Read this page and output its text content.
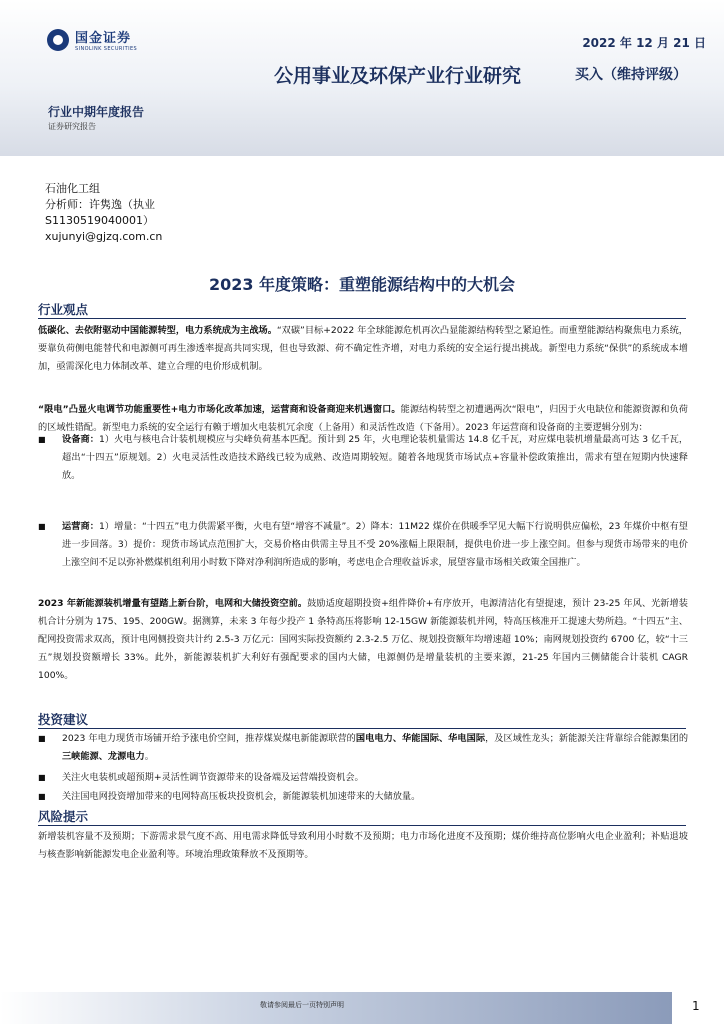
国金证券
SINOLINK SECURITIES	2022 年 12 月 21 日
公用事业及环保产业行业研究	买入（维持评级）
行业中期年度报告
证券研究报告
石油化工组
分析师：许隽逸（执业
S1130519040001）
xujunyi@gjzq.com.cn
2023 年度策略：重塑能源结构中的大机会
行业观点
低碳化、去依附驱动中国能源转型，电力系统成为主战场。“双碳”目标+2022 年全球能源危机再次凸显能源结构转型之紧迫性。而重塑能源结构聚焦电力系统，要靠负荷侧电能替代和电源侧可再生渗透率提高共同实现，但也导致源、荷不确定性齐增，对电力系统的安全运行提出挑战。新型电力系统“保供”的系统成本增加，亟需深化电力体制改革、建立合理的电价形成机制。
“限电”凸显火电调节功能重要性+电力市场化改革加速，运营商和设备商迎来机遇窗口。能源结构转型之初遭遇两次“限电”，归因于火电缺位和能源资源和负荷的区域性错配。新型电力系统的安全运行有赖于增加火电装机冗余度（上备用）和灵活性改造（下备用）。2023 年运营商和设备商的主要逻辑分别为：
■ 设备商：1）火电与核电合计装机规模应与尖峰负荷基本匹配。预计到 25 年，火电理论装机量需达 14.8 亿千瓦，对应煤电装机增量最高可达 3 亿千瓦，超出“十四五”原规划。2）火电灵活性改造技术路线已较为成熟、改造周期较短。随着各地现货市场试点+容量补偿政策推出，需求有望在短期内快速释放。
■ 运营商：1）增量：“十四五”电力供需紧平衡，火电有望“增容不减量”。2）降本：11M22 煤价在供暖季罕见大幅下行说明供应偏松，23 年煤价中枢有望进一步回落。3）提价：现货市场试点范围扩大，交易价格由供需主导且不受 20%涨幅上限限制，提供电价进一步上涨空间。但参与现货市场带来的电价上涨空间不足以弥补燃煤机组利用小时数下降对净利润所造成的影响，考虑电企合理收益诉求，展望容量市场相关政策全国推广。
2023 年新能源装机增量有望踏上新台阶，电网和大储投资空前。鼓励适度超期投资+组件降价+有序放开，电源清洁化有望提速，预计 23-25 年风、光新增装机合计分别为 175、195、200GW。据测算，未来 3 年每少投产 1 条特高压将影响 12-15GW 新能源装机并网，特高压核准开工提速大势所趋。“十四五”主、配网投资需求双高，预计电网侧投资共计约 2.5-3 万亿元：国网实际投资额约 2.3-2.5 万亿、规划投资额年均增速超 10%；南网规划投资约 6700 亿，较“十三五”规划投资额增长 33%。此外，新能源装机扩大利好有强配要求的国内大储，电源侧仍是增量装机的主要来源，21-25 年国内三侧储能合计装机 CAGR 100%。
投资建议
■ 2023 年电力现货市场铺开给予涨电价空间，推荐煤炭煤电新能源联营的国电电力、华能国际、华电国际，及区域性龙头；新能源关注背靠综合能源集团的三峡能源、龙源电力。
■ 关注火电装机或超预期+灵活性调节资源带来的设备端及运营端投资机会。
■ 关注国电网投资增加带来的电网特高压板块投资机会，新能源装机加速带来的大储放量。
风险提示
新增装机容量不及预期；下游需求景气度不高、用电需求降低导致利用小时数不及预期；电力市场化进度不及预期；煤价维持高位影响火电企业盈利；补贴退坡与核查影响新能源发电企业盈利等。环境治理政策释放不及预期等。
敬请参阅最后一页特别声明	1
